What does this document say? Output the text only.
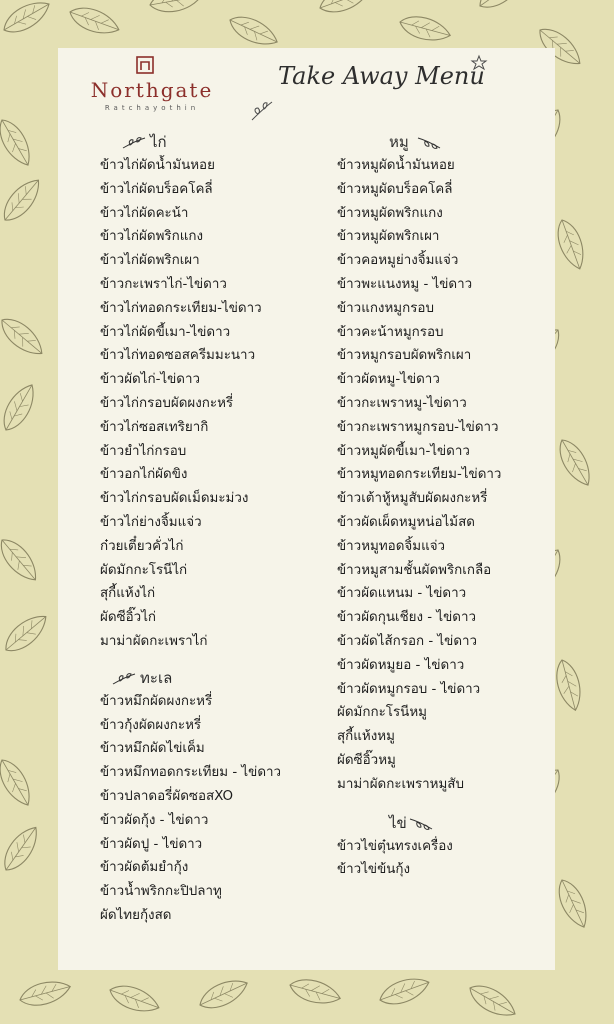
Northgate
Ratchayothin
Take Away Menu
ไก่
ข้าวไก่ผัดน้ำมันหอย
ข้าวไก่ผัดบร็อคโคลี่
ข้าวไก่ผัดคะน้า
ข้าวไก่ผัดพริกแกง
ข้าวไก่ผัดพริกเผา
ข้าวกะเพราไก่-ไข่ดาว
ข้าวไก่ทอดกระเทียม-ไข่ดาว
ข้าวไก่ผัดขี้เมา-ไข่ดาว
ข้าวไก่ทอดซอสครีมมะนาว
ข้าวผัดไก่-ไข่ดาว
ข้าวไก่กรอบผัดผงกะหรี่
ข้าวไก่ซอสเทริยากิ
ข้าวยำไก่กรอบ
ข้าวอกไก่ผัดขิง
ข้าวไก่กรอบผัดเม็ดมะม่วง
ข้าวไก่ย่างจิ้มแจ่ว
ก๋วยเตี๋ยวคั่วไก่
ผัดมักกะโรนีไก่
สุกี้แห้งไก่
ผัดซีอิ๊วไก่
มาม่าผัดกะเพราไก่
ทะเล
ข้าวหมึกผัดผงกะหรี่
ข้าวกุ้งผัดผงกะหรี่
ข้าวหมึกผัดไข่เค็ม
ข้าวหมึกทอดกระเทียม - ไข่ดาว
ข้าวปลาดอรี่ผัดซอสXO
ข้าวผัดกุ้ง - ไข่ดาว
ข้าวผัดปู - ไข่ดาว
ข้าวผัดต้มยำกุ้ง
ข้าวน้ำพริกกะปิปลาทู
ผัดไทยกุ้งสด
หมู
ข้าวหมูผัดน้ำมันหอย
ข้าวหมูผัดบร็อคโคลี่
ข้าวหมูผัดพริกแกง
ข้าวหมูผัดพริกเผา
ข้าวคอหมูย่างจิ้มแจ่ว
ข้าวพะแนงหมู - ไข่ดาว
ข้าวแกงหมูกรอบ
ข้าวคะน้าหมูกรอบ
ข้าวหมูกรอบผัดพริกเผา
ข้าวผัดหมู-ไข่ดาว
ข้าวกะเพราหมู-ไข่ดาว
ข้าวกะเพราหมูกรอบ-ไข่ดาว
ข้าวหมูผัดขี้เมา-ไข่ดาว
ข้าวหมูทอดกระเทียม-ไข่ดาว
ข้าวเต้าหู้หมูสับผัดผงกะหรี่
ข้าวผัดเผ็ดหมูหน่อไม้สด
ข้าวหมูทอดจิ้มแจ่ว
ข้าวหมูสามชั้นผัดพริกเกลือ
ข้าวผัดแหนม - ไข่ดาว
ข้าวผัดกุนเชียง - ไข่ดาว
ข้าวผัดไส้กรอก - ไข่ดาว
ข้าวผัดหมูยอ - ไข่ดาว
ข้าวผัดหมูกรอบ - ไข่ดาว
ผัดมักกะโรนีหมู
สุกี้แห้งหมู
ผัดซีอิ๊วหมู
มาม่าผัดกะเพราหมูสับ
ไข่
ข้าวไข่ตุ๋นทรงเครื่อง
ข้าวไข่ข้นกุ้ง
